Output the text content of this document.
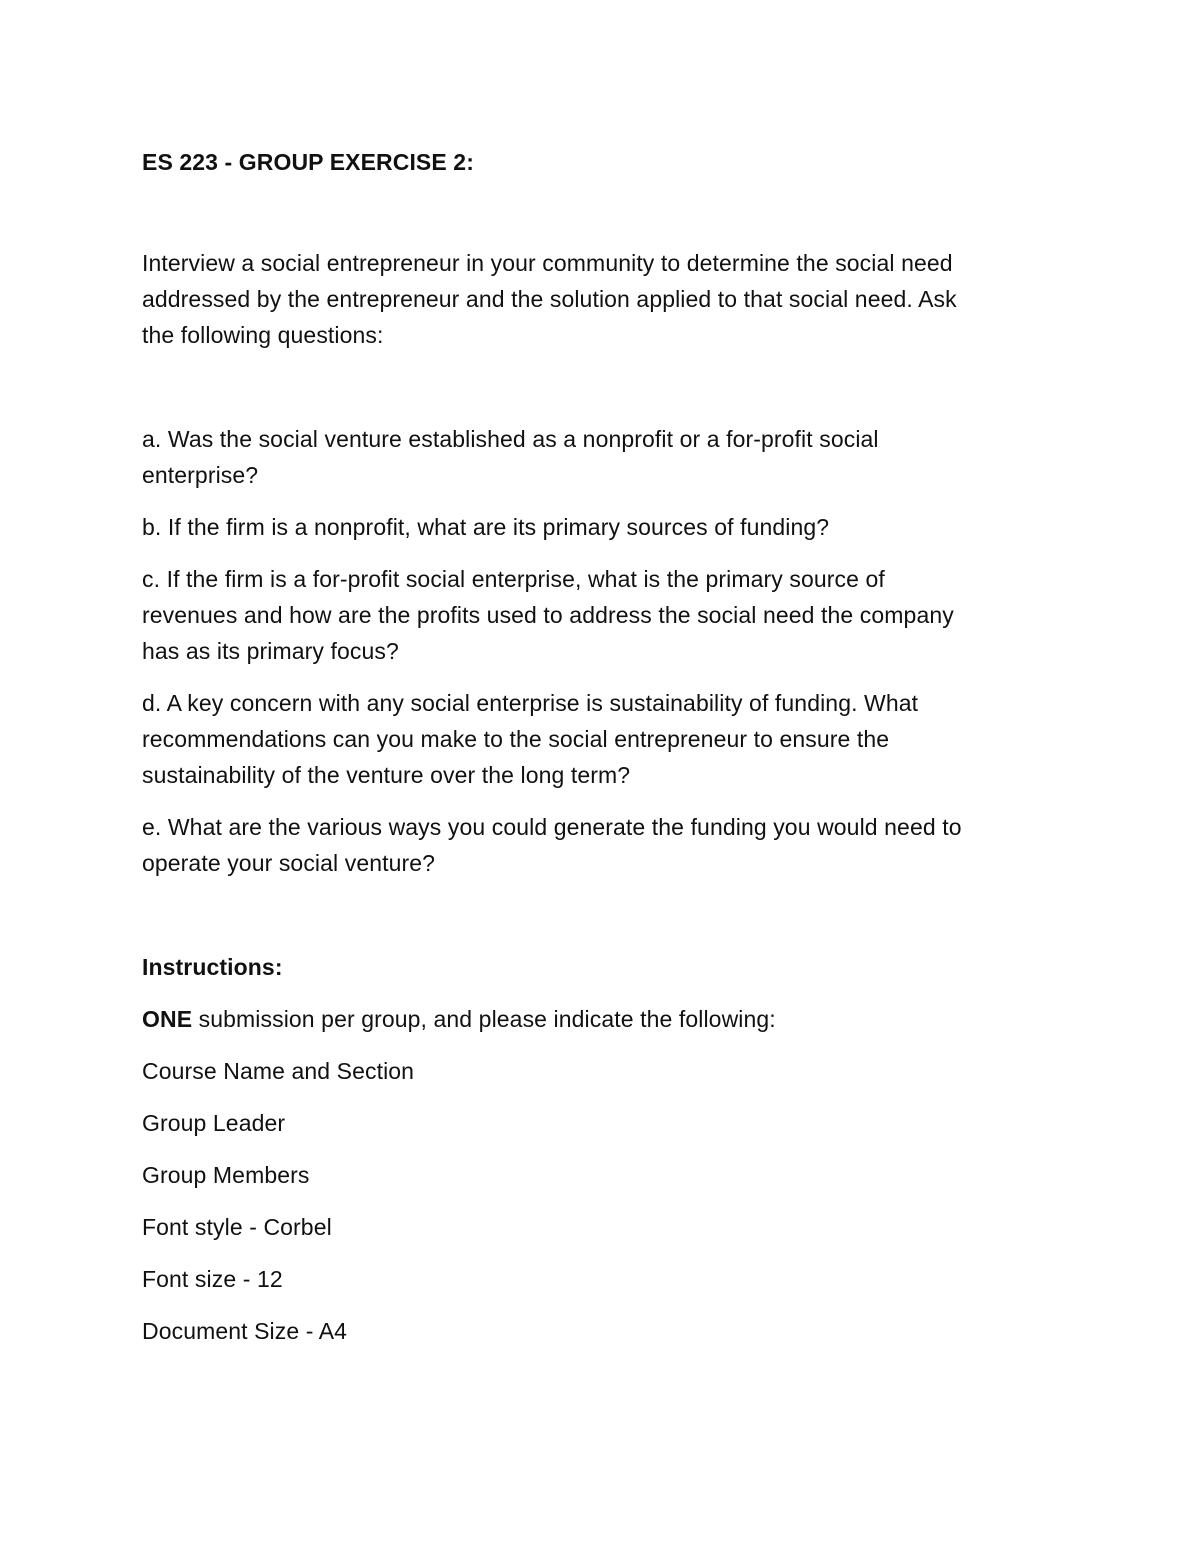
ES 223 - GROUP EXERCISE 2:
Interview a social entrepreneur in your community to determine the social need
addressed by the entrepreneur and the solution applied to that social need. Ask
the following questions:
a. Was the social venture established as a nonprofit or a for-profit social
enterprise?
b. If the firm is a nonprofit, what are its primary sources of funding?
c. If the firm is a for-profit social enterprise, what is the primary source of
revenues and how are the profits used to address the social need the company
has as its primary focus?
d. A key concern with any social enterprise is sustainability of funding. What
recommendations can you make to the social entrepreneur to ensure the
sustainability of the venture over the long term?
e. What are the various ways you could generate the funding you would need to
operate your social venture?
Instructions:
ONE submission per group, and please indicate the following:
Course Name and Section
Group Leader
Group Members
Font style - Corbel
Font size - 12
Document Size - A4
